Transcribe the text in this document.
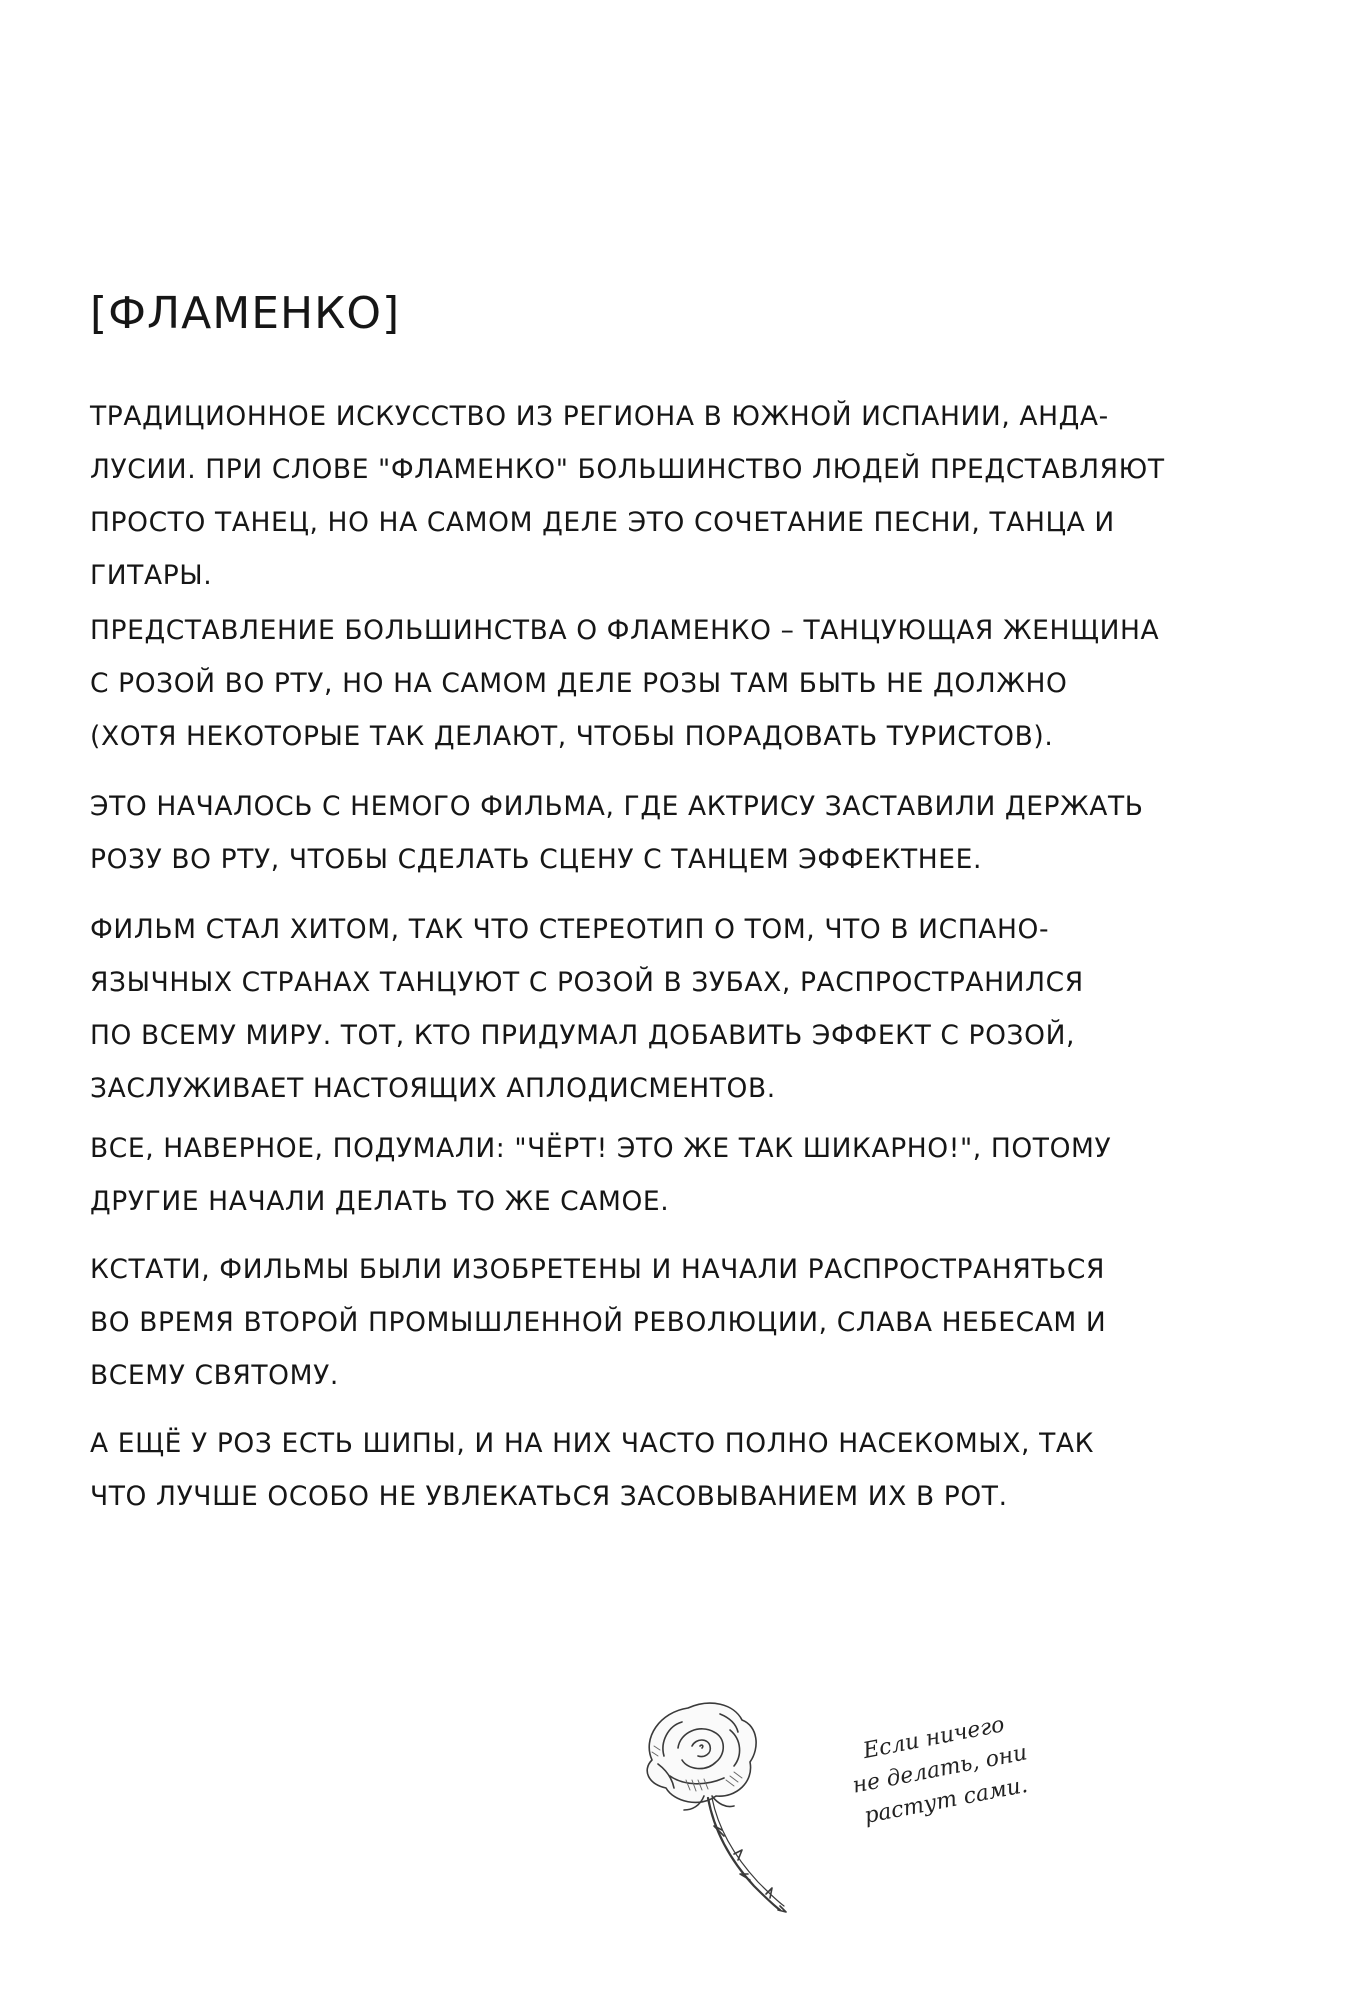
[ФЛАМЕНКО]

ТРАДИЦИОННОЕ ИСКУССТВО ИЗ РЕГИОНА В ЮЖНОЙ ИСПАНИИ, АНДА-
ЛУСИИ. ПРИ СЛОВЕ "ФЛАМЕНКО" БОЛЬШИНСТВО ЛЮДЕЙ ПРЕДСТАВЛЯЮТ
ПРОСТО ТАНЕЦ, НО НА САМОМ ДЕЛЕ ЭТО СОЧЕТАНИЕ ПЕСНИ, ТАНЦА И
ГИТАРЫ.

ПРЕДСТАВЛЕНИЕ БОЛЬШИНСТВА О ФЛАМЕНКО – ТАНЦУЮЩАЯ ЖЕНЩИНА
С РОЗОЙ ВО РТУ, НО НА САМОМ ДЕЛЕ РОЗЫ ТАМ БЫТЬ НЕ ДОЛЖНО
(ХОТЯ НЕКОТОРЫЕ ТАК ДЕЛАЮТ, ЧТОБЫ ПОРАДОВАТЬ ТУРИСТОВ).

ЭТО НАЧАЛОСЬ С НЕМОГО ФИЛЬМА, ГДЕ АКТРИСУ ЗАСТАВИЛИ ДЕРЖАТЬ
РОЗУ ВО РТУ, ЧТОБЫ СДЕЛАТЬ СЦЕНУ С ТАНЦЕМ ЭФФЕКТНЕЕ.

ФИЛЬМ СТАЛ ХИТОМ, ТАК ЧТО СТЕРЕОТИП О ТОМ, ЧТО В ИСПАНО-
ЯЗЫЧНЫХ СТРАНАХ ТАНЦУЮТ С РОЗОЙ В ЗУБАХ, РАСПРОСТРАНИЛСЯ
ПО ВСЕМУ МИРУ. ТОТ, КТО ПРИДУМАЛ ДОБАВИТЬ ЭФФЕКТ С РОЗОЙ,
ЗАСЛУЖИВАЕТ НАСТОЯЩИХ АПЛОДИСМЕНТОВ.

ВСЕ, НАВЕРНОЕ, ПОДУМАЛИ: "ЧЁРТ! ЭТО ЖЕ ТАК ШИКАРНО!", ПОТОМУ
ДРУГИЕ НАЧАЛИ ДЕЛАТЬ ТО ЖЕ САМОЕ.

КСТАТИ, ФИЛЬМЫ БЫЛИ ИЗОБРЕТЕНЫ И НАЧАЛИ РАСПРОСТРАНЯТЬСЯ
ВО ВРЕМЯ ВТОРОЙ ПРОМЫШЛЕННОЙ РЕВОЛЮЦИИ, СЛАВА НЕБЕСАМ И
ВСЕМУ СВЯТОМУ.

А ЕЩЁ У РОЗ ЕСТЬ ШИПЫ, И НА НИХ ЧАСТО ПОЛНО НАСЕКОМЫХ, ТАК
ЧТО ЛУЧШЕ ОСОБО НЕ УВЛЕКАТЬСЯ ЗАСОВЫВАНИЕМ ИХ В РОТ.

Если ничего
не делать, они
растут сами.
